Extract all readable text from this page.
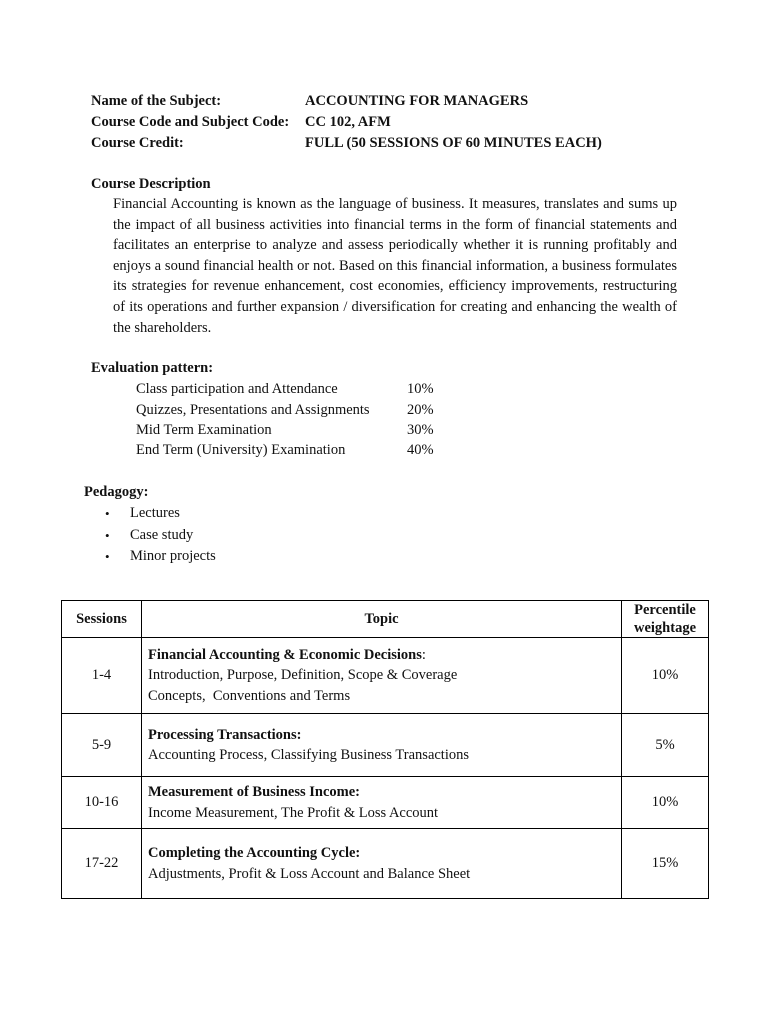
Name of the Subject:	ACCOUNTING FOR MANAGERS
Course Code and Subject Code: CC 102, AFM
Course Credit:	FULL (50 SESSIONS OF 60 MINUTES EACH)
Course Description

Financial Accounting is known as the language of business. It measures, translates and sums up the impact of all business activities into financial terms in the form of financial statements and facilitates an enterprise to analyze and assess periodically whether it is running profitably and enjoys a sound financial health or not. Based on this financial information, a business formulates its strategies for revenue enhancement, cost economies, efficiency improvements, restructuring of its operations and further expansion / diversification for creating and enhancing the wealth of the shareholders.

Evaluation pattern:
Class participation and Attendance	10%
Quizzes, Presentations and Assignments	20%
Mid Term Examination	30%
End Term (University) Examination	40%
Pedagogy:
• Lectures
• Case study
• Minor projects
Sessions	Topic	Percentile
weightage

1-4	Financial Accounting & Economic Decisions:
Introduction, Purpose, Definition, Scope & Coverage
Concepts,  Conventions and Terms	10%
5-9	Processing Transactions:
Accounting Process, Classifying Business Transactions	5%
10-16	Measurement of Business Income:
Income Measurement, The Profit & Loss Account	10%
17-22	Completing the Accounting Cycle:
Adjustments, Profit & Loss Account and Balance Sheet	15%
